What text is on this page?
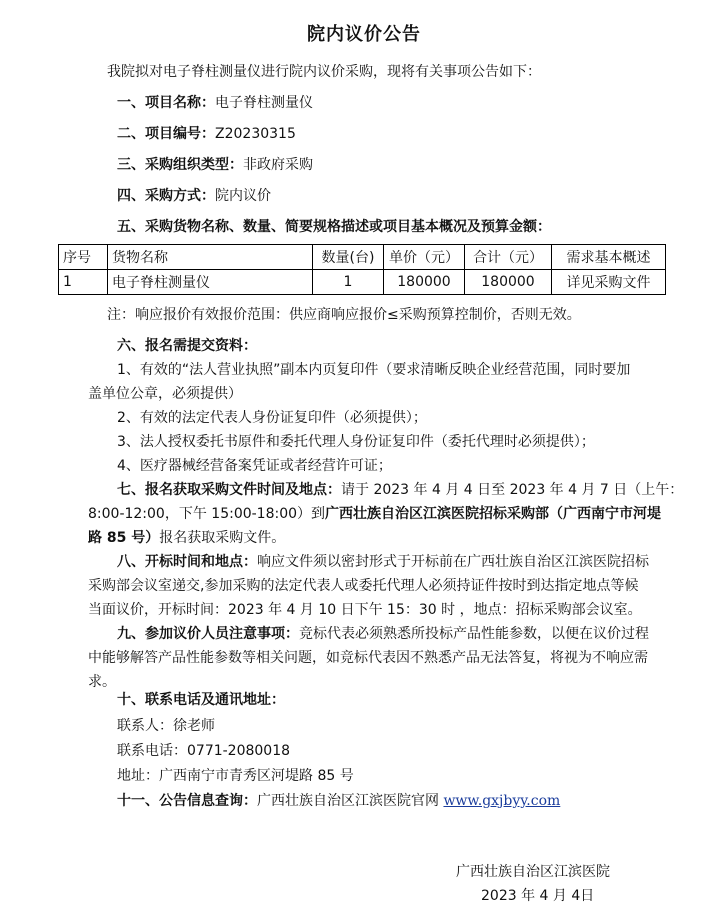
院内议价公告
我院拟对电子脊柱测量仪进行院内议价采购，现将有关事项公告如下：
一、项目名称：电子脊柱测量仪
二、项目编号：Z20230315
三、采购组织类型：非政府采购
四、采购方式：院内议价
五、采购货物名称、数量、简要规格描述或项目基本概况及预算金额：
序号	货物名称	数量(台)	单价（元）	合计（元）	需求基本概述
1	电子脊柱测量仪	1	180000	180000	详见采购文件
注：响应报价有效报价范围：供应商响应报价≤采购预算控制价，否则无效。
六、报名需提交资料：
1、有效的“法人营业执照”副本内页复印件（要求清晰反映企业经营范围，同时要加
盖单位公章，必须提供）
2、有效的法定代表人身份证复印件（必须提供）；
3、法人授权委托书原件和委托代理人身份证复印件（委托代理时必须提供）；
4、医疗器械经营备案凭证或者经营许可证；
七、报名获取采购文件时间及地点：请于 2023 年 4 月 4 日至 2023 年 4 月 7 日（上午：
8:00-12:00，下午 15:00-18:00）到广西壮族自治区江滨医院招标采购部（广西南宁市河堤
路 85 号）报名获取采购文件。
八、开标时间和地点：响应文件须以密封形式于开标前在广西壮族自治区江滨医院招标
采购部会议室递交,参加采购的法定代表人或委托代理人必须持证件按时到达指定地点等候
当面议价，开标时间：2023 年 4 月 10 日下午 15：30 时 ，地点：招标采购部会议室。
九、参加议价人员注意事项：竞标代表必须熟悉所投标产品性能参数，以便在议价过程
中能够解答产品性能参数等相关问题，如竞标代表因不熟悉产品无法答复，将视为不响应需
求。
十、联系电话及通讯地址：
联系人：徐老师
联系电话：0771-2080018
地址：广西南宁市青秀区河堤路 85 号
十一、公告信息查询：广西壮族自治区江滨医院官网 www.gxjbyy.com
广西壮族自治区江滨医院
2023 年 4 月 4日
